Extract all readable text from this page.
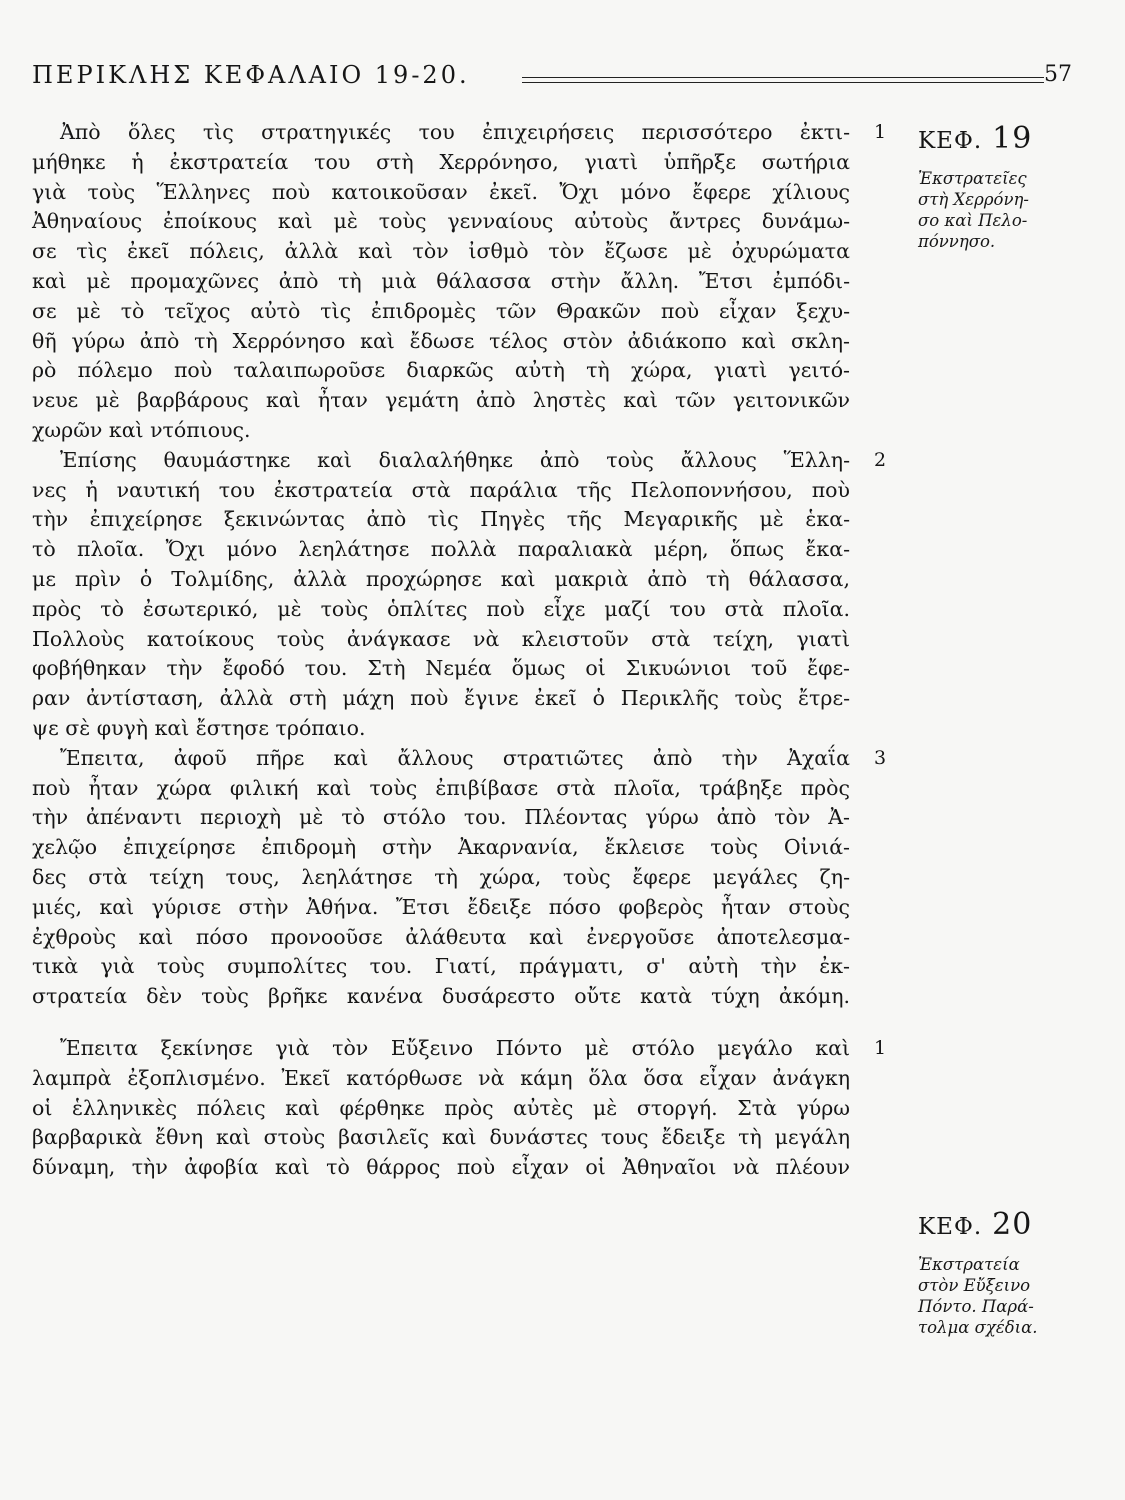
ΠΕΡΙΚΛΗΣ ΚΕΦΑΛΑΙΟ 19-20.	57
ΚΕΦ. 19
Ἐκστρατεῖες
στὴ Χερρόνη-
σο καὶ Πελο-
πόννησο.
ΚΕΦ. 20
Ἐκστρατεία
στὸν Εὔξεινο
Πόντο. Παρά-
τολμα σχέδια.
1
Ἀπὸ ὅλες τὶς στρατηγικές του ἐπιχειρήσεις περισσότερο ἐκτι-
μήθηκε ἡ ἐκστρατεία του στὴ Χερρόνησο, γιατὶ ὑπῆρξε σωτήρια
γιὰ τοὺς Ἕλληνες ποὺ κατοικοῦσαν ἐκεῖ. Ὄχι μόνο ἔφερε χίλιους
Ἀθηναίους ἐποίκους καὶ μὲ τοὺς γενναίους αὐτοὺς ἄντρες δυνάμω-
σε τὶς ἐκεῖ πόλεις, ἀλλὰ καὶ τὸν ἰσθμὸ τὸν ἔζωσε μὲ ὀχυρώματα
καὶ μὲ προμαχῶνες ἀπὸ τὴ μιὰ θάλασσα στὴν ἄλλη. Ἔτσι ἐμπόδι-
σε μὲ τὸ τεῖχος αὐτὸ τὶς ἐπιδρομὲς τῶν Θρακῶν ποὺ εἶχαν ξεχυ-
θῆ γύρω ἀπὸ τὴ Χερρόνησο καὶ ἔδωσε τέλος στὸν ἀδιάκοπο καὶ σκλη-
ρὸ πόλεμο ποὺ ταλαιπωροῦσε διαρκῶς αὐτὴ τὴ χώρα, γιατὶ γειτό-
νευε μὲ βαρβάρους καὶ ἦταν γεμάτη ἀπὸ ληστὲς καὶ τῶν γειτονικῶν
χωρῶν καὶ ντόπιους.
2
Ἐπίσης θαυμάστηκε καὶ διαλαλήθηκε ἀπὸ τοὺς ἄλλους Ἕλλη-
νες ἡ ναυτική του ἐκστρατεία στὰ παράλια τῆς Πελοποννήσου, ποὺ
τὴν ἐπιχείρησε ξεκινώντας ἀπὸ τὶς Πηγὲς τῆς Μεγαρικῆς μὲ ἑκα-
τὸ πλοῖα. Ὄχι μόνο λεηλάτησε πολλὰ παραλιακὰ μέρη, ὅπως ἔκα-
με πρὶν ὁ Τολμίδης, ἀλλὰ προχώρησε καὶ μακριὰ ἀπὸ τὴ θάλασσα,
πρὸς τὸ ἐσωτερικό, μὲ τοὺς ὁπλίτες ποὺ εἶχε μαζί του στὰ πλοῖα.
Πολλοὺς κατοίκους τοὺς ἀνάγκασε νὰ κλειστοῦν στὰ τείχη, γιατὶ
φοβήθηκαν τὴν ἔφοδό του. Στὴ Νεμέα ὅμως οἱ Σικυώνιοι τοῦ ἔφε-
ραν ἀντίσταση, ἀλλὰ στὴ μάχη ποὺ ἔγινε ἐκεῖ ὁ Περικλῆς τοὺς ἔτρε-
ψε σὲ φυγὴ καὶ ἔστησε τρόπαιο.
3
Ἔπειτα, ἀφοῦ πῆρε καὶ ἄλλους στρατιῶτες ἀπὸ τὴν Ἀχαΐα
ποὺ ἦταν χώρα φιλική καὶ τοὺς ἐπιβίβασε στὰ πλοῖα, τράβηξε πρὸς
τὴν ἀπέναντι περιοχὴ μὲ τὸ στόλο του. Πλέοντας γύρω ἀπὸ τὸν Ἀ-
χελῷο ἐπιχείρησε ἐπιδρομὴ στὴν Ἀκαρνανία, ἔκλεισε τοὺς Οἰνιά-
δες στὰ τείχη τους, λεηλάτησε τὴ χώρα, τοὺς ἔφερε μεγάλες ζη-
μιές, καὶ γύρισε στὴν Ἀθήνα. Ἔτσι ἔδειξε πόσο φοβερὸς ἦταν στοὺς
ἐχθροὺς καὶ πόσο προνοοῦσε ἀλάθευτα καὶ ἐνεργοῦσε ἀποτελεσμα-
τικὰ γιὰ τοὺς συμπολίτες του. Γιατί, πράγματι, σ' αὐτὴ τὴν ἐκ-
στρατεία δὲν τοὺς βρῆκε κανένα δυσάρεστο οὔτε κατὰ τύχη ἀκόμη.
1
Ἔπειτα ξεκίνησε γιὰ τὸν Εὔξεινο Πόντο μὲ στόλο μεγάλο καὶ
λαμπρὰ ἐξοπλισμένο. Ἐκεῖ κατόρθωσε νὰ κάμη ὅλα ὅσα εἶχαν ἀνάγκη
οἱ ἑλληνικὲς πόλεις καὶ φέρθηκε πρὸς αὐτὲς μὲ στοργή. Στὰ γύρω
βαρβαρικὰ ἔθνη καὶ στοὺς βασιλεῖς καὶ δυνάστες τους ἔδειξε τὴ μεγάλη
δύναμη, τὴν ἀφοβία καὶ τὸ θάρρος ποὺ εἶχαν οἱ Ἀθηναῖοι νὰ πλέουν
